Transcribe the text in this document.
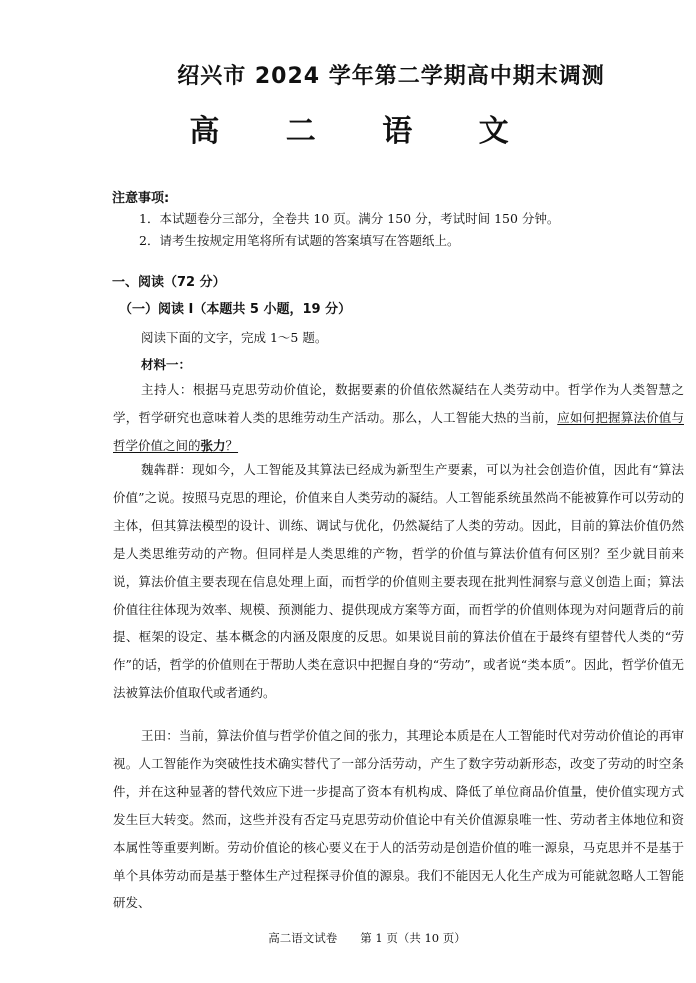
绍兴市 2024 学年第二学期高中期末调测
高 二 语 文
注意事项:
1．本试题卷分三部分，全卷共 10 页。满分 150 分，考试时间 150 分钟。
2．请考生按规定用笔将所有试题的答案填写在答题纸上。
一、阅读（72 分）
（一）阅读 I（本题共 5 小题，19 分）
阅读下面的文字，完成 1～5 题。
材料一：
主持人：根据马克思劳动价值论，数据要素的价值依然凝结在人类劳动中。哲学作为人类智慧之学，哲学研究也意味着人类的思维劳动生产活动。那么，人工智能大热的当前，应如何把握算法价值与哲学价值之间的张力？
魏犇群：现如今，人工智能及其算法已经成为新型生产要素，可以为社会创造价值，因此有“算法价值”之说。按照马克思的理论，价值来自人类劳动的凝结。人工智能系统虽然尚不能被算作可以劳动的主体，但其算法模型的设计、训练、调试与优化，仍然凝结了人类的劳动。因此，目前的算法价值仍然是人类思维劳动的产物。但同样是人类思维的产物，哲学的价值与算法价值有何区别？至少就目前来说，算法价值主要表现在信息处理上面，而哲学的价值则主要表现在批判性洞察与意义创造上面；算法价值往往体现为效率、规模、预测能力、提供现成方案等方面，而哲学的价值则体现为对问题背后的前提、框架的设定、基本概念的内涵及限度的反思。如果说目前的算法价值在于最终有望替代人类的“劳作”的话，哲学的价值则在于帮助人类在意识中把握自身的“劳动”，或者说“类本质”。因此，哲学价值无法被算法价值取代或者通约。
王田：当前，算法价值与哲学价值之间的张力，其理论本质是在人工智能时代对劳动价值论的再审视。人工智能作为突破性技术确实替代了一部分活劳动，产生了数字劳动新形态，改变了劳动的时空条件，并在这种显著的替代效应下进一步提高了资本有机构成、降低了单位商品价值量，使价值实现方式发生巨大转变。然而，这些并没有否定马克思劳动价值论中有关价值源泉唯一性、劳动者主体地位和资本属性等重要判断。劳动价值论的核心要义在于人的活劳动是创造价值的唯一源泉，马克思并不是基于单个具体劳动而是基于整体生产过程探寻价值的源泉。我们不能因无人化生产成为可能就忽略人工智能研发、
高二语文试卷　　第 1 页（共 10 页）
